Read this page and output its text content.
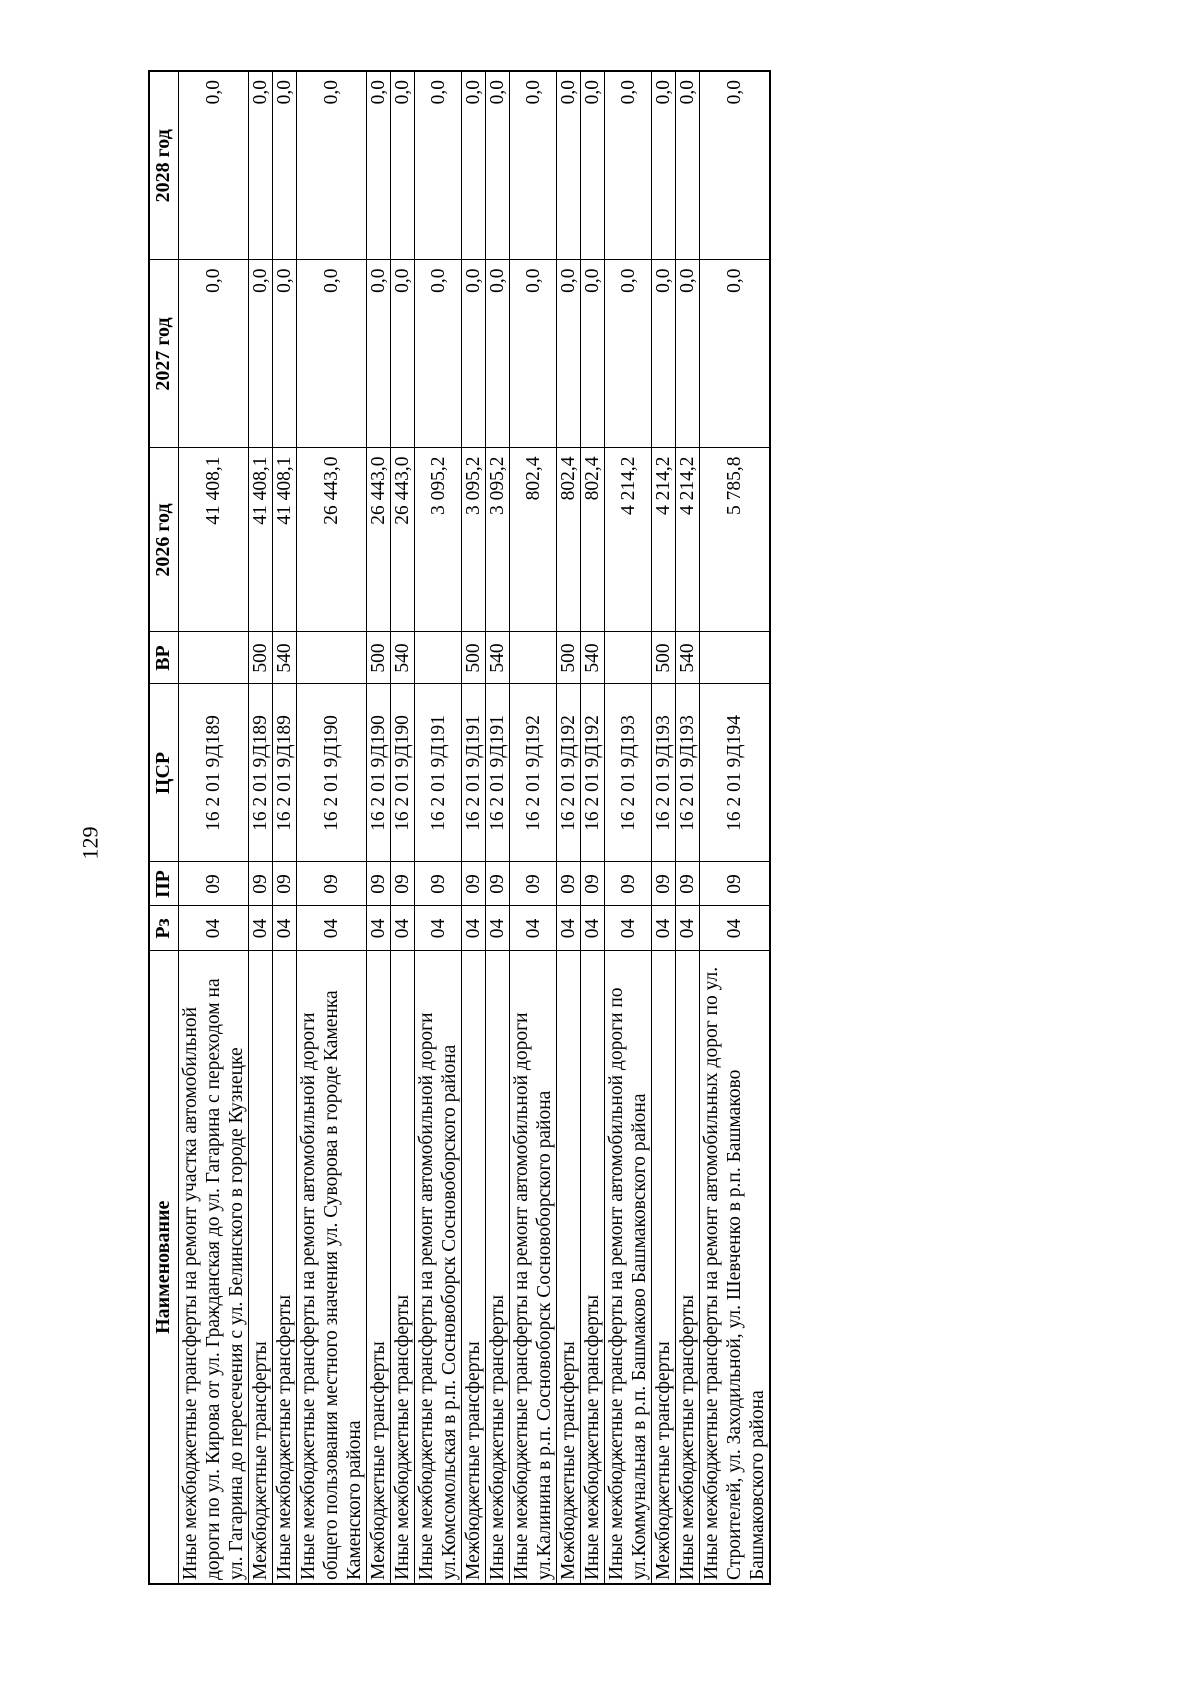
129
Наименование	Рз	ПР	ЦСР	ВР	2026 год	2027 год	2028 год
Иные межбюджетные трансферты на ремонт участка автомобильной дороги по ул. Кирова от ул. Гражданская до ул. Гагарина с переходом на ул. Гагарина до пересечения с ул. Белинского в городе Кузнецке	04	09	16 2 01 9Д189		41 408,1	0,0	0,0
Межбюджетные трансферты	04	09	16 2 01 9Д189	500	41 408,1	0,0	0,0
Иные межбюджетные трансферты	04	09	16 2 01 9Д189	540	41 408,1	0,0	0,0
Иные межбюджетные трансферты на ремонт автомобильной дороги общего пользования местного значения ул. Суворова в городе Каменка Каменского района	04	09	16 2 01 9Д190		26 443,0	0,0	0,0
Межбюджетные трансферты	04	09	16 2 01 9Д190	500	26 443,0	0,0	0,0
Иные межбюджетные трансферты	04	09	16 2 01 9Д190	540	26 443,0	0,0	0,0
Иные межбюджетные трансферты на ремонт автомобильной дороги ул.Комсомольская в р.п. Сосновоборск Сосновоборского района	04	09	16 2 01 9Д191		3 095,2	0,0	0,0
Межбюджетные трансферты	04	09	16 2 01 9Д191	500	3 095,2	0,0	0,0
Иные межбюджетные трансферты	04	09	16 2 01 9Д191	540	3 095,2	0,0	0,0
Иные межбюджетные трансферты на ремонт автомобильной дороги ул.Калинина в р.п. Сосновоборск Сосновоборского района	04	09	16 2 01 9Д192		802,4	0,0	0,0
Межбюджетные трансферты	04	09	16 2 01 9Д192	500	802,4	0,0	0,0
Иные межбюджетные трансферты	04	09	16 2 01 9Д192	540	802,4	0,0	0,0
Иные межбюджетные трансферты на ремонт автомобильной дороги по ул.Коммунальная в р.п. Башмаково Башмаковского района	04	09	16 2 01 9Д193		4 214,2	0,0	0,0
Межбюджетные трансферты	04	09	16 2 01 9Д193	500	4 214,2	0,0	0,0
Иные межбюджетные трансферты	04	09	16 2 01 9Д193	540	4 214,2	0,0	0,0
Иные межбюджетные трансферты на ремонт автомобильных дорог по ул. Строителей, ул. Заходильной, ул. Шевченко в р.п. Башмаково Башмаковского района	04	09	16 2 01 9Д194		5 785,8	0,0	0,0
